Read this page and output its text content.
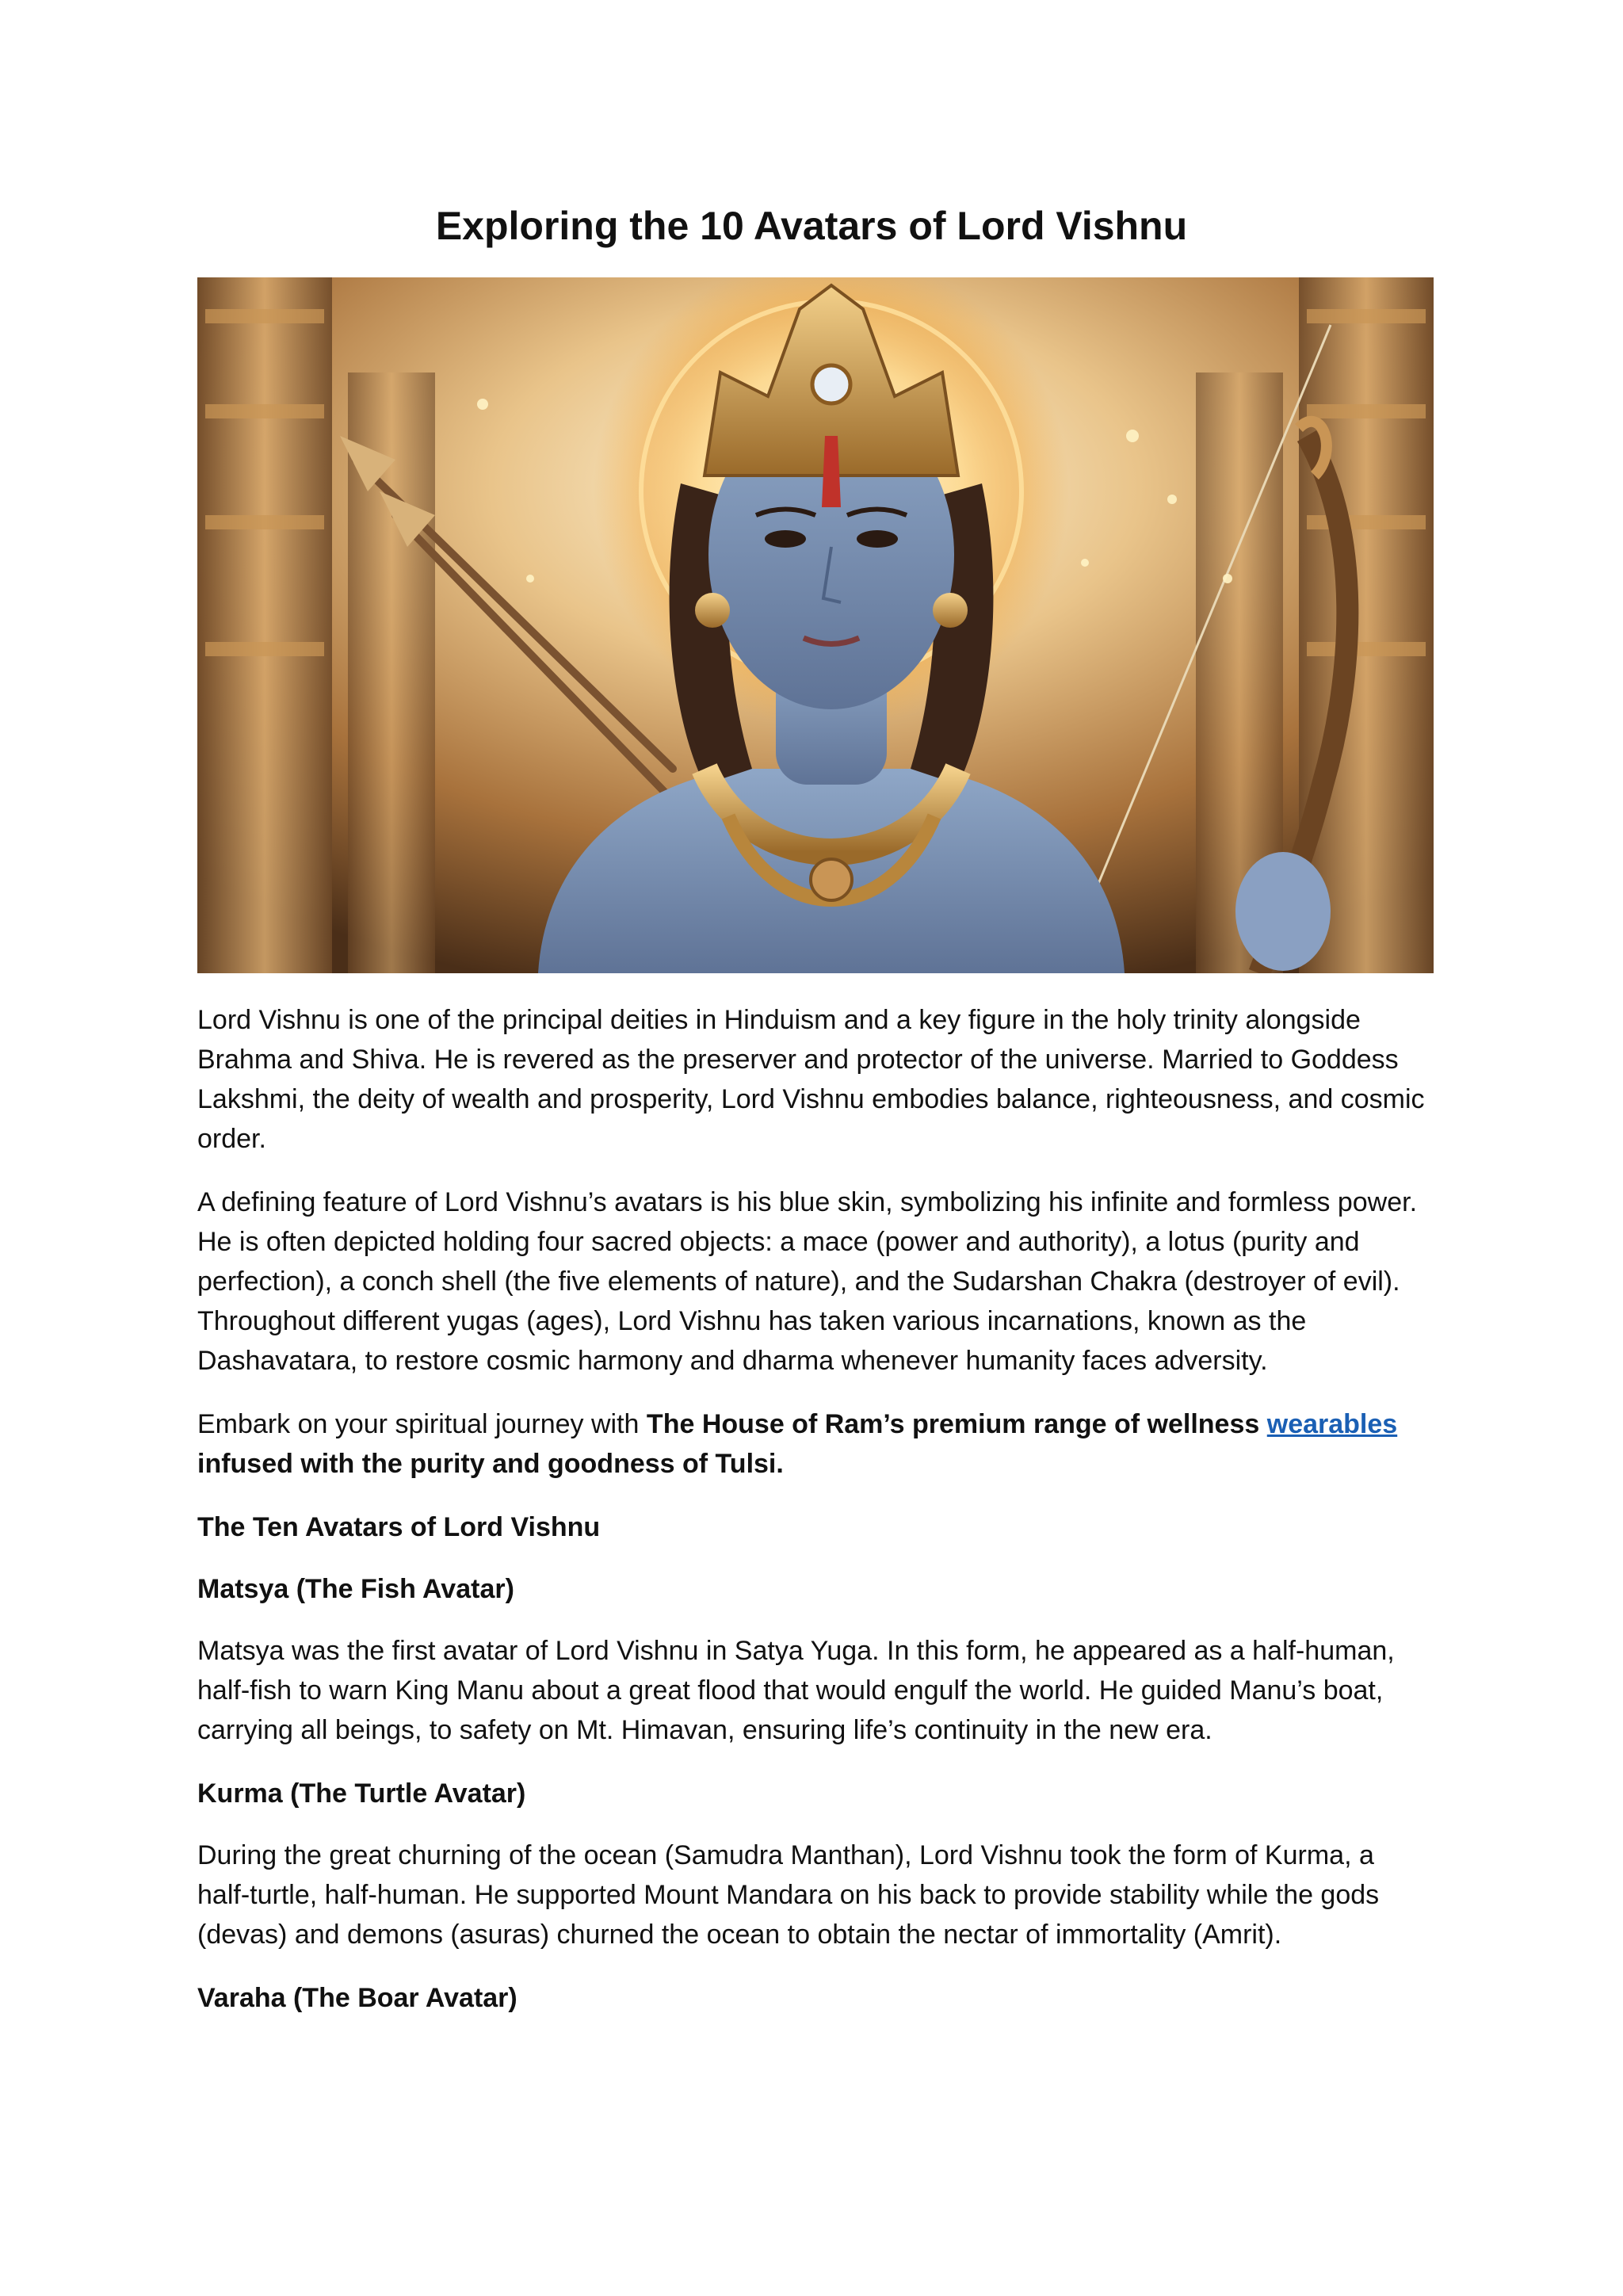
Exploring the 10 Avatars of Lord Vishnu

Lord Vishnu is one of the principal deities in Hinduism and a key figure in the holy trinity alongside Brahma and Shiva. He is revered as the preserver and protector of the universe. Married to Goddess Lakshmi, the deity of wealth and prosperity, Lord Vishnu embodies balance, righteousness, and cosmic order.

A defining feature of Lord Vishnu’s avatars is his blue skin, symbolizing his infinite and formless power. He is often depicted holding four sacred objects: a mace (power and authority), a lotus (purity and perfection), a conch shell (the five elements of nature), and the Sudarshan Chakra (destroyer of evil). Throughout different yugas (ages), Lord Vishnu has taken various incarnations, known as the Dashavatara, to restore cosmic harmony and dharma whenever humanity faces adversity.

Embark on your spiritual journey with The House of Ram’s premium range of wellness wearables infused with the purity and goodness of Tulsi.

The Ten Avatars of Lord Vishnu

Matsya (The Fish Avatar)

Matsya was the first avatar of Lord Vishnu in Satya Yuga. In this form, he appeared as a half-human, half-fish to warn King Manu about a great flood that would engulf the world. He guided Manu’s boat, carrying all beings, to safety on Mt. Himavan, ensuring life’s continuity in the new era.

Kurma (The Turtle Avatar)

During the great churning of the ocean (Samudra Manthan), Lord Vishnu took the form of Kurma, a half-turtle, half-human. He supported Mount Mandara on his back to provide stability while the gods (devas) and demons (asuras) churned the ocean to obtain the nectar of immortality (Amrit).

Varaha (The Boar Avatar)
